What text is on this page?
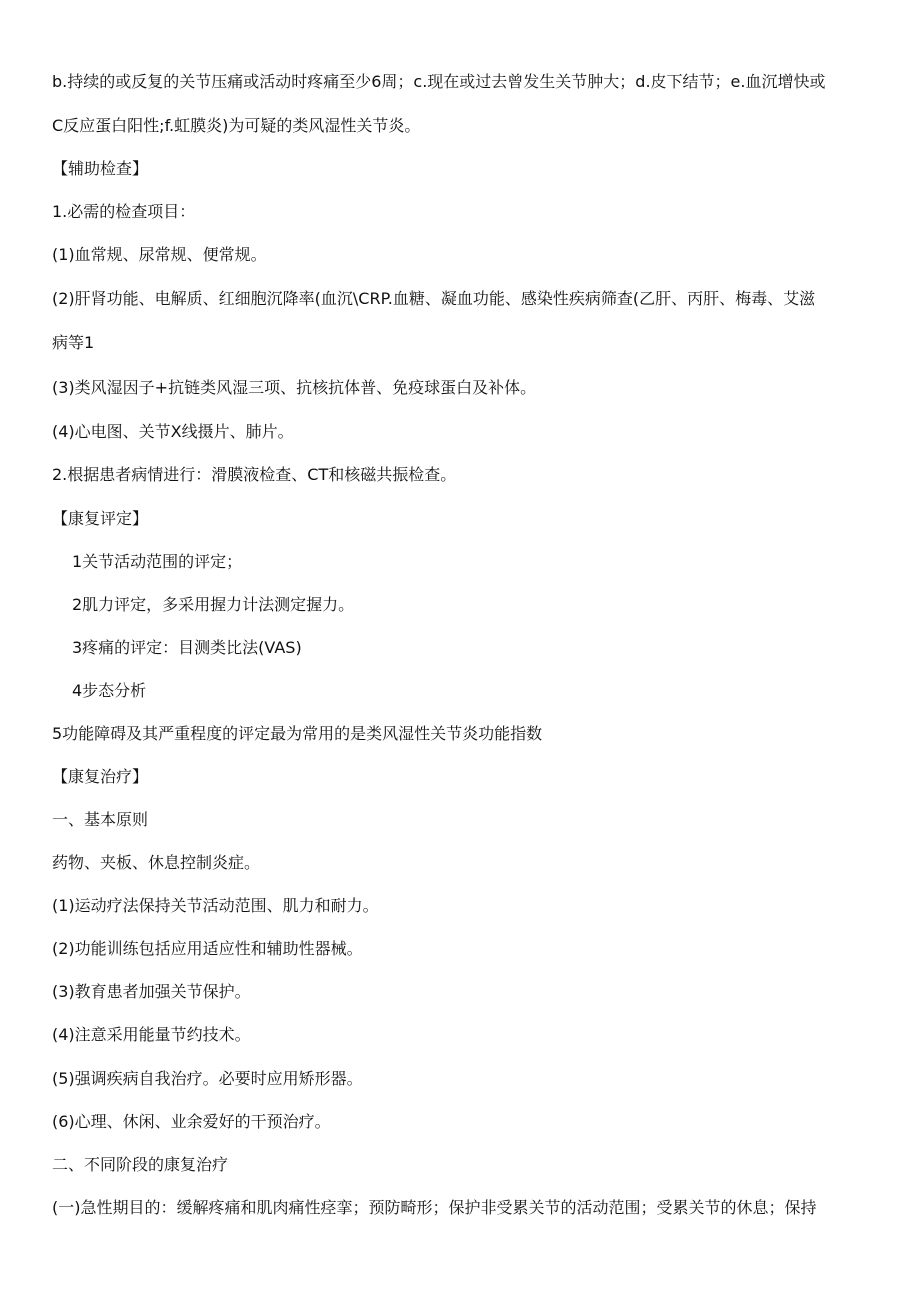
b.持续的或反复的关节压痛或活动时疼痛至少6周；c.现在或过去曾发生关节肿大；d.皮下结节；e.血沉增快或
C反应蛋白阳性;f.虹膜炎)为可疑的类风湿性关节炎。
【辅助检查】
1.必需的检查项目：
(1)血常规、尿常规、便常规。
(2)肝肾功能、电解质、红细胞沉降率(血沉\CRP.血糖、凝血功能、感染性疾病筛查(乙肝、丙肝、梅毒、艾滋
病等1
(3)类风湿因子+抗链类风湿三项、抗核抗体普、免疫球蛋白及补体。
(4)心电图、关节X线摄片、肺片。
2.根据患者病情进行：滑膜液检查、CT和核磁共振检查。
【康复评定】
1关节活动范围的评定；
2肌力评定，多采用握力计法测定握力。
3疼痛的评定：目测类比法(VAS)
4步态分析
5功能障碍及其严重程度的评定最为常用的是类风湿性关节炎功能指数
【康复治疗】
一、基本原则
药物、夹板、休息控制炎症。
(1)运动疗法保持关节活动范围、肌力和耐力。
(2)功能训练包括应用适应性和辅助性器械。
(3)教育患者加强关节保护。
(4)注意采用能量节约技术。
(5)强调疾病自我治疗。必要时应用矫形器。
(6)心理、休闲、业余爱好的干预治疗。
二、不同阶段的康复治疗
(一)急性期目的：缓解疼痛和肌肉痛性痉挛；预防畸形；保护非受累关节的活动范围；受累关节的休息；保持
